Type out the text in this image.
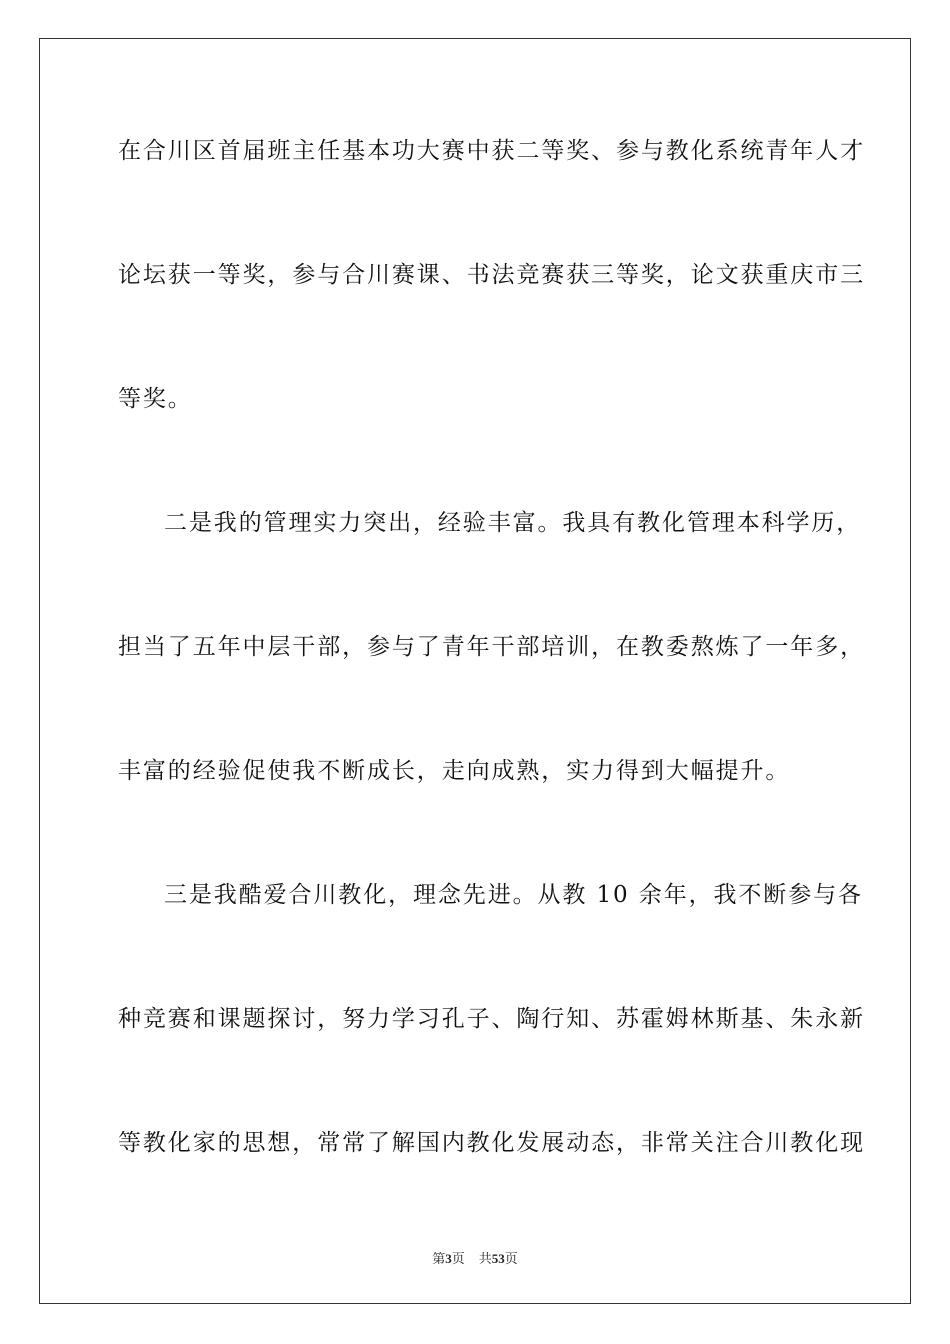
在合川区首届班主任基本功大赛中获二等奖、参与教化系统青年人才
论坛获一等奖，参与合川赛课、书法竞赛获三等奖，论文获重庆市三
等奖。
二是我的管理实力突出，经验丰富。我具有教化管理本科学历，
担当了五年中层干部，参与了青年干部培训，在教委熬炼了一年多，
丰富的经验促使我不断成长，走向成熟，实力得到大幅提升。
三是我酷爱合川教化，理念先进。从教 10 余年，我不断参与各
种竞赛和课题探讨，努力学习孔子、陶行知、苏霍姆林斯基、朱永新
等教化家的思想，常常了解国内教化发展动态，非常关注合川教化现
第3页 共53页
